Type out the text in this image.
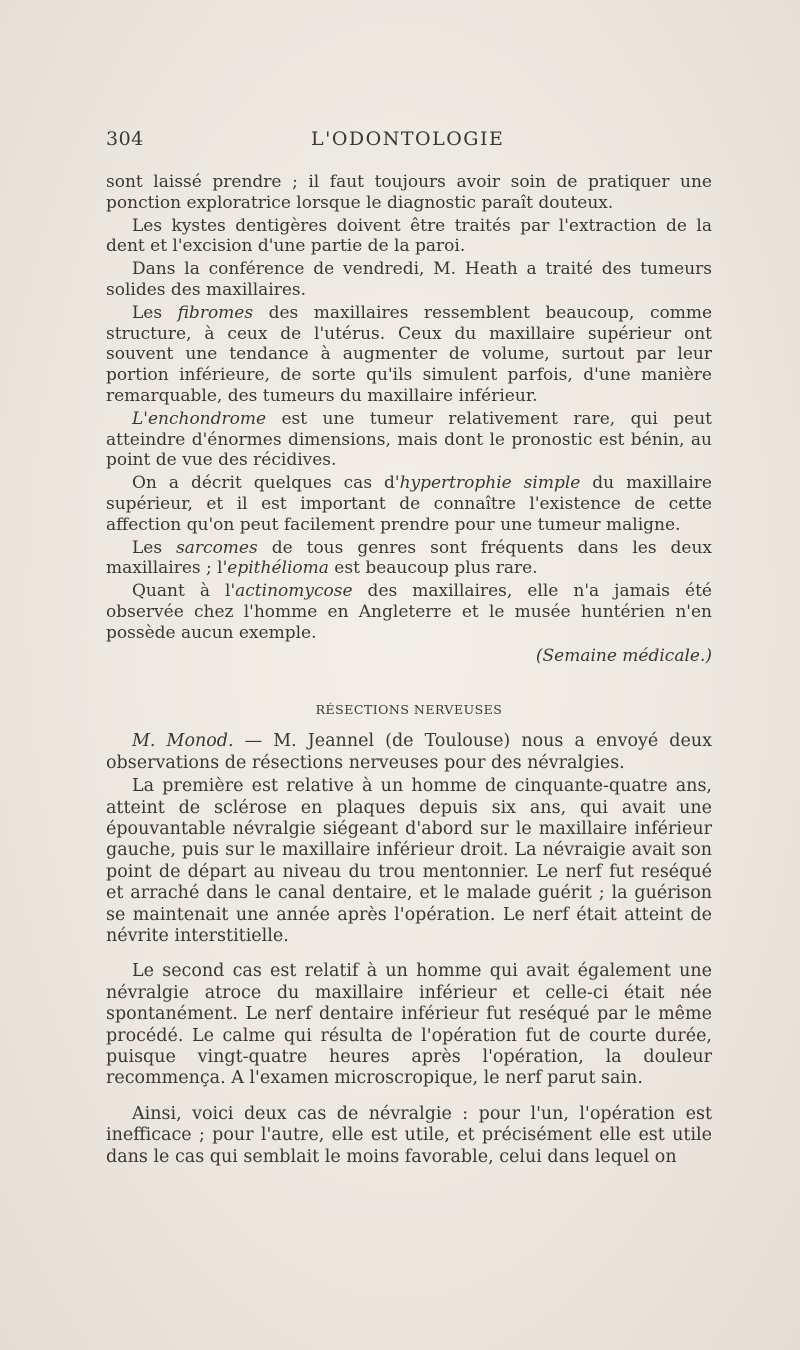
304	L'ODONTOLOGIE

sont laissé prendre ; il faut toujours avoir soin de pratiquer une ponction exploratrice lorsque le diagnostic paraît douteux.

Les kystes dentigères doivent être traités par l'extraction de la dent et l'excision d'une partie de la paroi.

Dans la conférence de vendredi, M. Heath a traité des tumeurs solides des maxillaires.

Les fibromes des maxillaires ressemblent beaucoup, comme structure, à ceux de l'utérus. Ceux du maxillaire supérieur ont souvent une tendance à augmenter de volume, surtout par leur portion inférieure, de sorte qu'ils simulent parfois, d'une manière remarquable, des tumeurs du maxillaire inférieur.

L'enchondrome est une tumeur relativement rare, qui peut atteindre d'énormes dimensions, mais dont le pronostic est bénin, au point de vue des récidives.

On a décrit quelques cas d'hypertrophie simple du maxillaire supérieur, et il est important de connaître l'existence de cette affection qu'on peut facilement prendre pour une tumeur maligne.

Les sarcomes de tous genres sont fréquents dans les deux maxillaires ; l'epithélioma est beaucoup plus rare.

Quant à l'actinomycose des maxillaires, elle n'a jamais été observée chez l'homme en Angleterre et le musée huntérien n'en possède aucun exemple.

(Semaine médicale.)

RÉSECTIONS NERVEUSES

M. Monod. — M. Jeannel (de Toulouse) nous a envoyé deux observations de résections nerveuses pour des névralgies.

La première est relative à un homme de cinquante-quatre ans, atteint de sclérose en plaques depuis six ans, qui avait une épouvantable névralgie siégeant d'abord sur le maxillaire inférieur gauche, puis sur le maxillaire inférieur droit. La névraigie avait son point de départ au niveau du trou mentonnier. Le nerf fut reséqué et arraché dans le canal dentaire, et le malade guérit ; la guérison se maintenait une année après l'opération. Le nerf était atteint de névrite interstitielle.

Le second cas est relatif à un homme qui avait également une névralgie atroce du maxillaire inférieur et celle-ci était née spontanément. Le nerf dentaire inférieur fut reséqué par le même procédé. Le calme qui résulta de l'opération fut de courte durée, puisque vingt-quatre heures après l'opération, la douleur recommença. A l'examen microscropique, le nerf parut sain.

Ainsi, voici deux cas de névralgie : pour l'un, l'opération est inefficace ; pour l'autre, elle est utile, et précisément elle est utile dans le cas qui semblait le moins favorable, celui dans lequel on
